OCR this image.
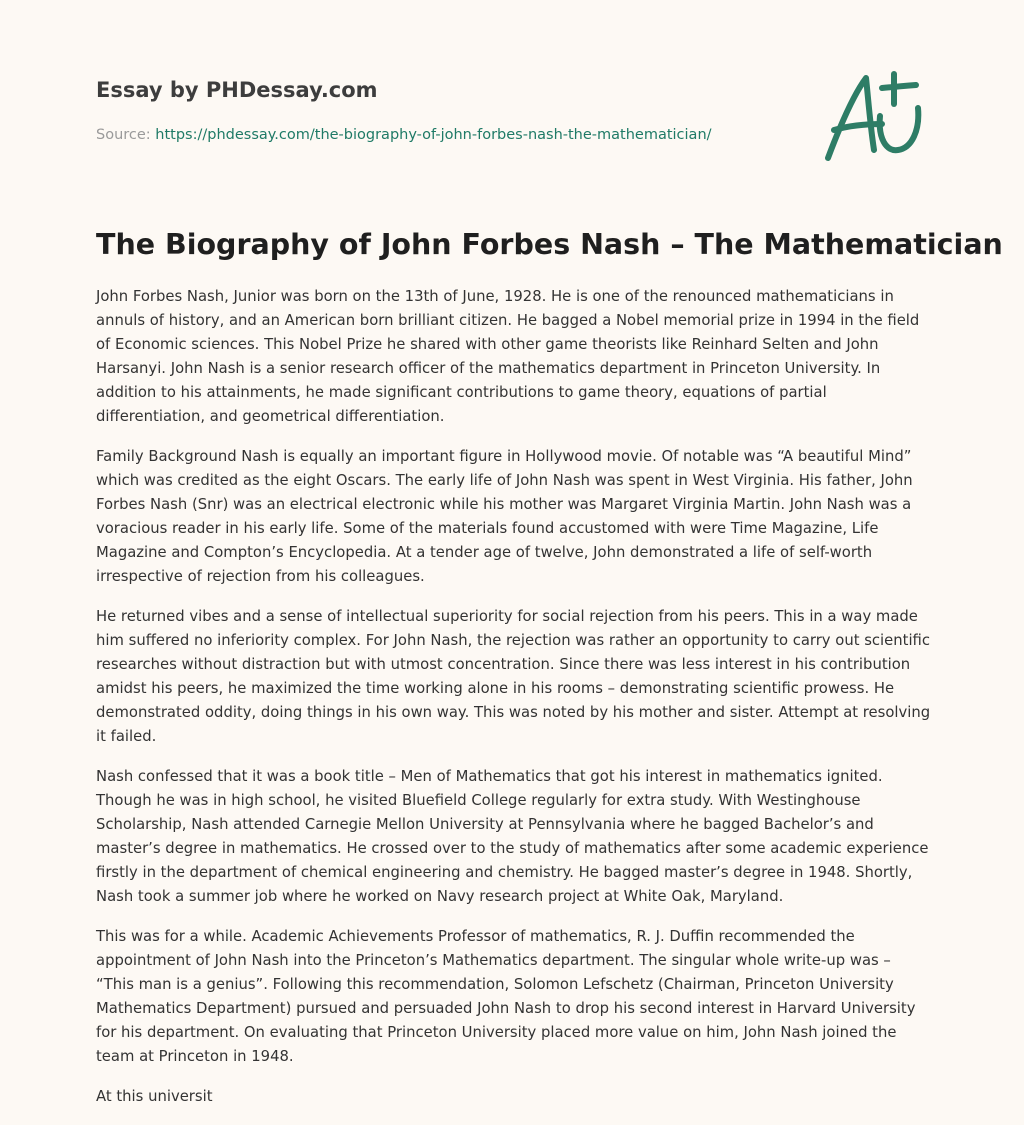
Essay by PHDessay.com
Source: https://phdessay.com/the-biography-of-john-forbes-nash-the-mathematician/
The Biography of John Forbes Nash – The Mathematician

John Forbes Nash, Junior was born on the 13th of June, 1928. He is one of the renounced mathematicians in annuls of history, and an American born brilliant citizen. He bagged a Nobel memorial prize in 1994 in the field of Economic sciences. This Nobel Prize he shared with other game theorists like Reinhard Selten and John Harsanyi. John Nash is a senior research officer of the mathematics department in Princeton University. In addition to his attainments, he made significant contributions to game theory, equations of partial differentiation, and geometrical differentiation.

Family Background Nash is equally an important figure in Hollywood movie. Of notable was “A beautiful Mind” which was credited as the eight Oscars. The early life of John Nash was spent in West Virginia. His father, John Forbes Nash (Snr) was an electrical electronic while his mother was Margaret Virginia Martin. John Nash was a voracious reader in his early life. Some of the materials found accustomed with were Time Magazine, Life Magazine and Compton’s Encyclopedia. At a tender age of twelve, John demonstrated a life of self-worth irrespective of rejection from his colleagues.

He returned vibes and a sense of intellectual superiority for social rejection from his peers. This in a way made him suffered no inferiority complex. For John Nash, the rejection was rather an opportunity to carry out scientific researches without distraction but with utmost concentration. Since there was less interest in his contribution amidst his peers, he maximized the time working alone in his rooms – demonstrating scientific prowess. He demonstrated oddity, doing things in his own way. This was noted by his mother and sister. Attempt at resolving it failed.

Nash confessed that it was a book title – Men of Mathematics that got his interest in mathematics ignited. Though he was in high school, he visited Bluefield College regularly for extra study. With Westinghouse Scholarship, Nash attended Carnegie Mellon University at Pennsylvania where he bagged Bachelor’s and master’s degree in mathematics. He crossed over to the study of mathematics after some academic experience firstly in the department of chemical engineering and chemistry. He bagged master’s degree in 1948. Shortly, Nash took a summer job where he worked on Navy research project at White Oak, Maryland.

This was for a while. Academic Achievements Professor of mathematics, R. J. Duffin recommended the appointment of John Nash into the Princeton’s Mathematics department. The singular whole write-up was – “This man is a genius”. Following this recommendation, Solomon Lefschetz (Chairman, Princeton University Mathematics Department) pursued and persuaded John Nash to drop his second interest in Harvard University for his department. On evaluating that Princeton University placed more value on him, John Nash joined the team at Princeton in 1948.

At this universit
